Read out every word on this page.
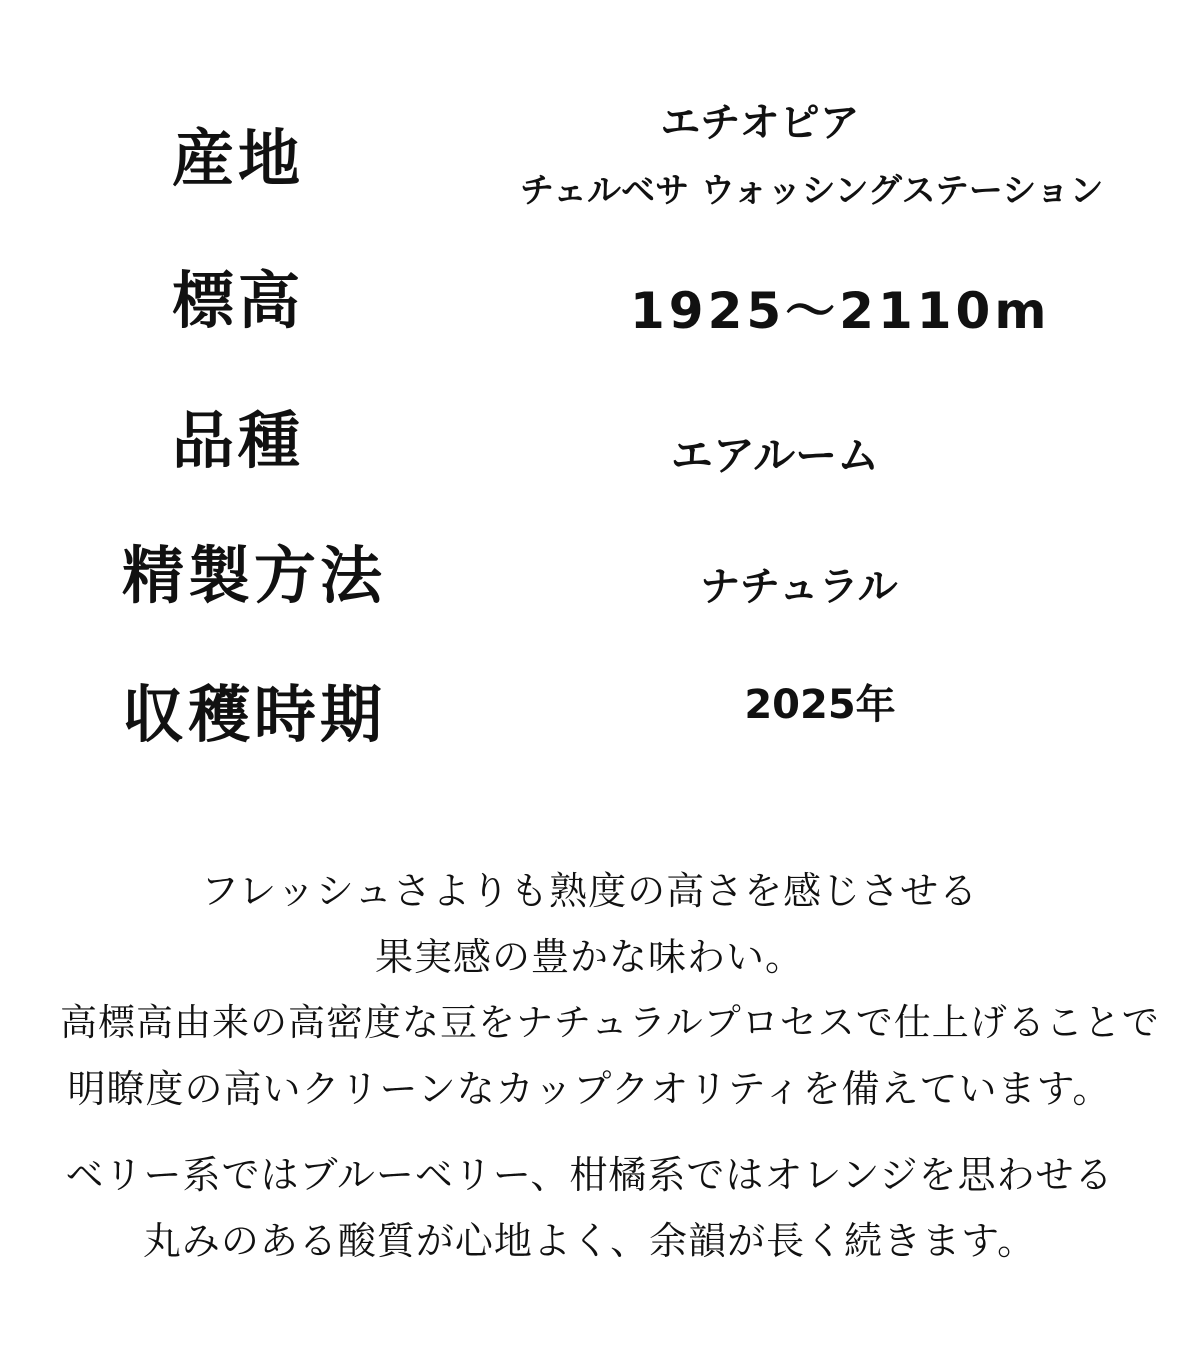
産地	エチオピア
チェルベサ ウォッシングステーション
標高	1925～2110m
品種	エアルーム
精製方法	ナチュラル
収穫時期	2025年
フレッシュさよりも熟度の高さを感じさせる
果実感の豊かな味わい。
高標高由来の高密度な豆をナチュラルプロセスで仕上げることで
明瞭度の高いクリーンなカップクオリティを備えています。
ベリー系ではブルーベリー、柑橘系ではオレンジを思わせる
丸みのある酸質が心地よく、余韻が長く続きます。
